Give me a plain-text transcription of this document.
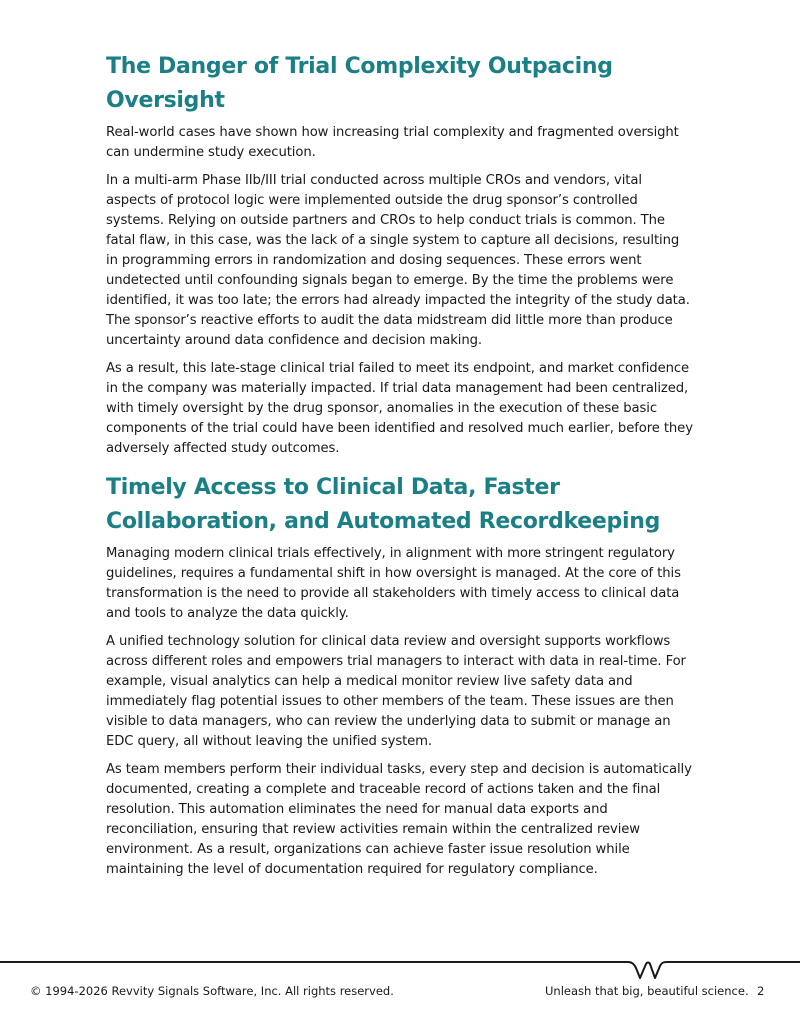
The Danger of Trial Complexity Outpacing Oversight

Real-world cases have shown how increasing trial complexity and fragmented oversight can undermine study execution.

In a multi-arm Phase IIb/III trial conducted across multiple CROs and vendors, vital aspects of protocol logic were implemented outside the drug sponsor’s controlled systems. Relying on outside partners and CROs to help conduct trials is common. The fatal flaw, in this case, was the lack of a single system to capture all decisions, resulting in programming errors in randomization and dosing sequences. These errors went undetected until confounding signals began to emerge. By the time the problems were identified, it was too late; the errors had already impacted the integrity of the study data. The sponsor’s reactive efforts to audit the data midstream did little more than produce uncertainty around data confidence and decision making.

As a result, this late-stage clinical trial failed to meet its endpoint, and market confidence in the company was materially impacted. If trial data management had been centralized, with timely oversight by the drug sponsor, anomalies in the execution of these basic components of the trial could have been identified and resolved much earlier, before they adversely affected study outcomes.

Timely Access to Clinical Data, Faster Collaboration, and Automated Recordkeeping

Managing modern clinical trials effectively, in alignment with more stringent regulatory guidelines, requires a fundamental shift in how oversight is managed. At the core of this transformation is the need to provide all stakeholders with timely access to clinical data and tools to analyze the data quickly.

A unified technology solution for clinical data review and oversight supports workflows across different roles and empowers trial managers to interact with data in real-time. For example, visual analytics can help a medical monitor review live safety data and immediately flag potential issues to other members of the team. These issues are then visible to data managers, who can review the underlying data to submit or manage an EDC query, all without leaving the unified system.

As team members perform their individual tasks, every step and decision is automatically documented, creating a complete and traceable record of actions taken and the final resolution. This automation eliminates the need for manual data exports and reconciliation, ensuring that review activities remain within the centralized review environment. As a result, organizations can achieve faster issue resolution while maintaining the level of documentation required for regulatory compliance.

© 1994-2026 Revvity Signals Software, Inc. All rights reserved.	Unleash that big, beautiful science. 2
